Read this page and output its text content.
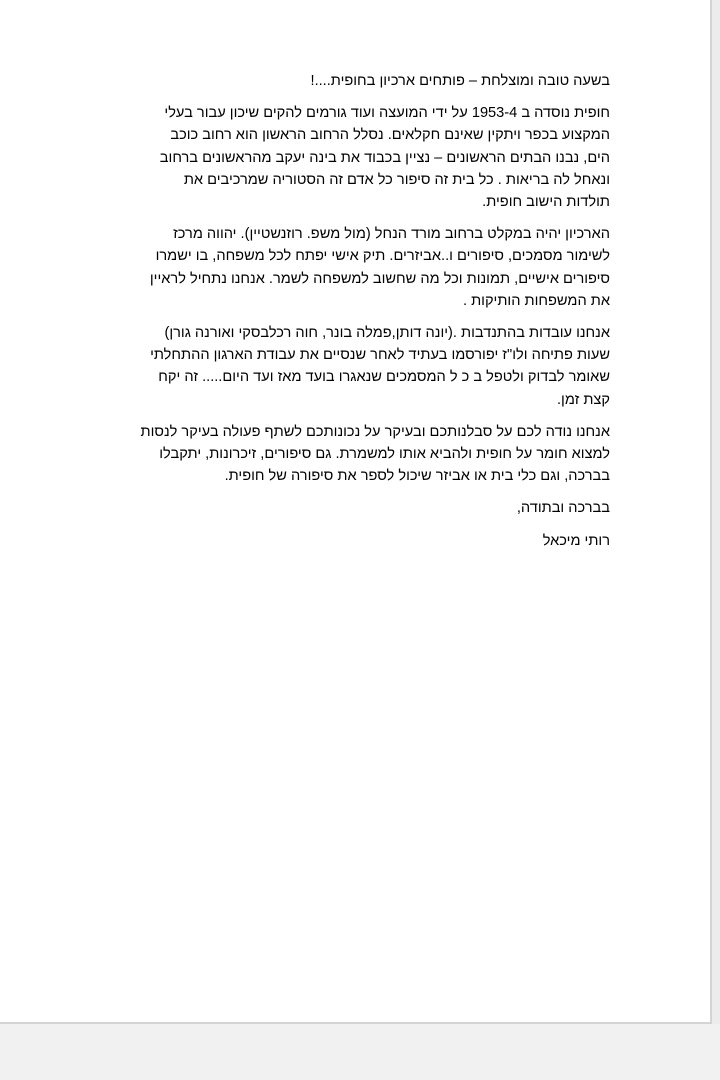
בשעה טובה ומוצלחת – פותחים ארכיון בחופית....!

חופית נוסדה ב 1953-4 על ידי המועצה ועוד גורמים להקים שיכון עבור בעלי
המקצוע בכפר ויתקין שאינם חקלאים. נסלל הרחוב הראשון הוא רחוב כוכב
הים, נבנו הבתים הראשונים – נציין בכבוד את בינה יעקב מהראשונים ברחוב
ונאחל לה בריאות . כל בית זה סיפור כל אדם זה הסטוריה שמרכיבים את
תולדות הישוב חופית.

הארכיון יהיה במקלט ברחוב מורד הנחל (מול משפ. רוזנשטיין). יהווה מרכז
לשימור מסמכים, סיפורים ו..אביזרים. תיק אישי יפתח לכל משפחה, בו ישמרו
סיפורים אישיים, תמונות וכל מה שחשוב למשפחה לשמר. אנחנו נתחיל לראיין
את המשפחות הותיקות .

אנחנו עובדות בהתנדבות .(יונה דותן,פמלה בונר, חוה רכלבסקי ואורנה גורן)
שעות פתיחה ולו"ז יפורסמו בעתיד לאחר שנסיים את עבודת הארגון ההתחלתי
שאומר לבדוק ולטפל ב כ ל המסמכים שנאגרו בועד מאז ועד היום..... זה יקח
קצת זמן.

אנחנו נודה לכם על סבלנותכם ובעיקר על נכונותכם לשתף פעולה בעיקר לנסות
למצוא חומר על חופית ולהביא אותו למשמרת. גם סיפורים, זיכרונות, יתקבלו
בברכה, וגם כלי בית או אביזר שיכול לספר את סיפורה של חופית.

בברכה ובתודה,

רותי מיכאל
